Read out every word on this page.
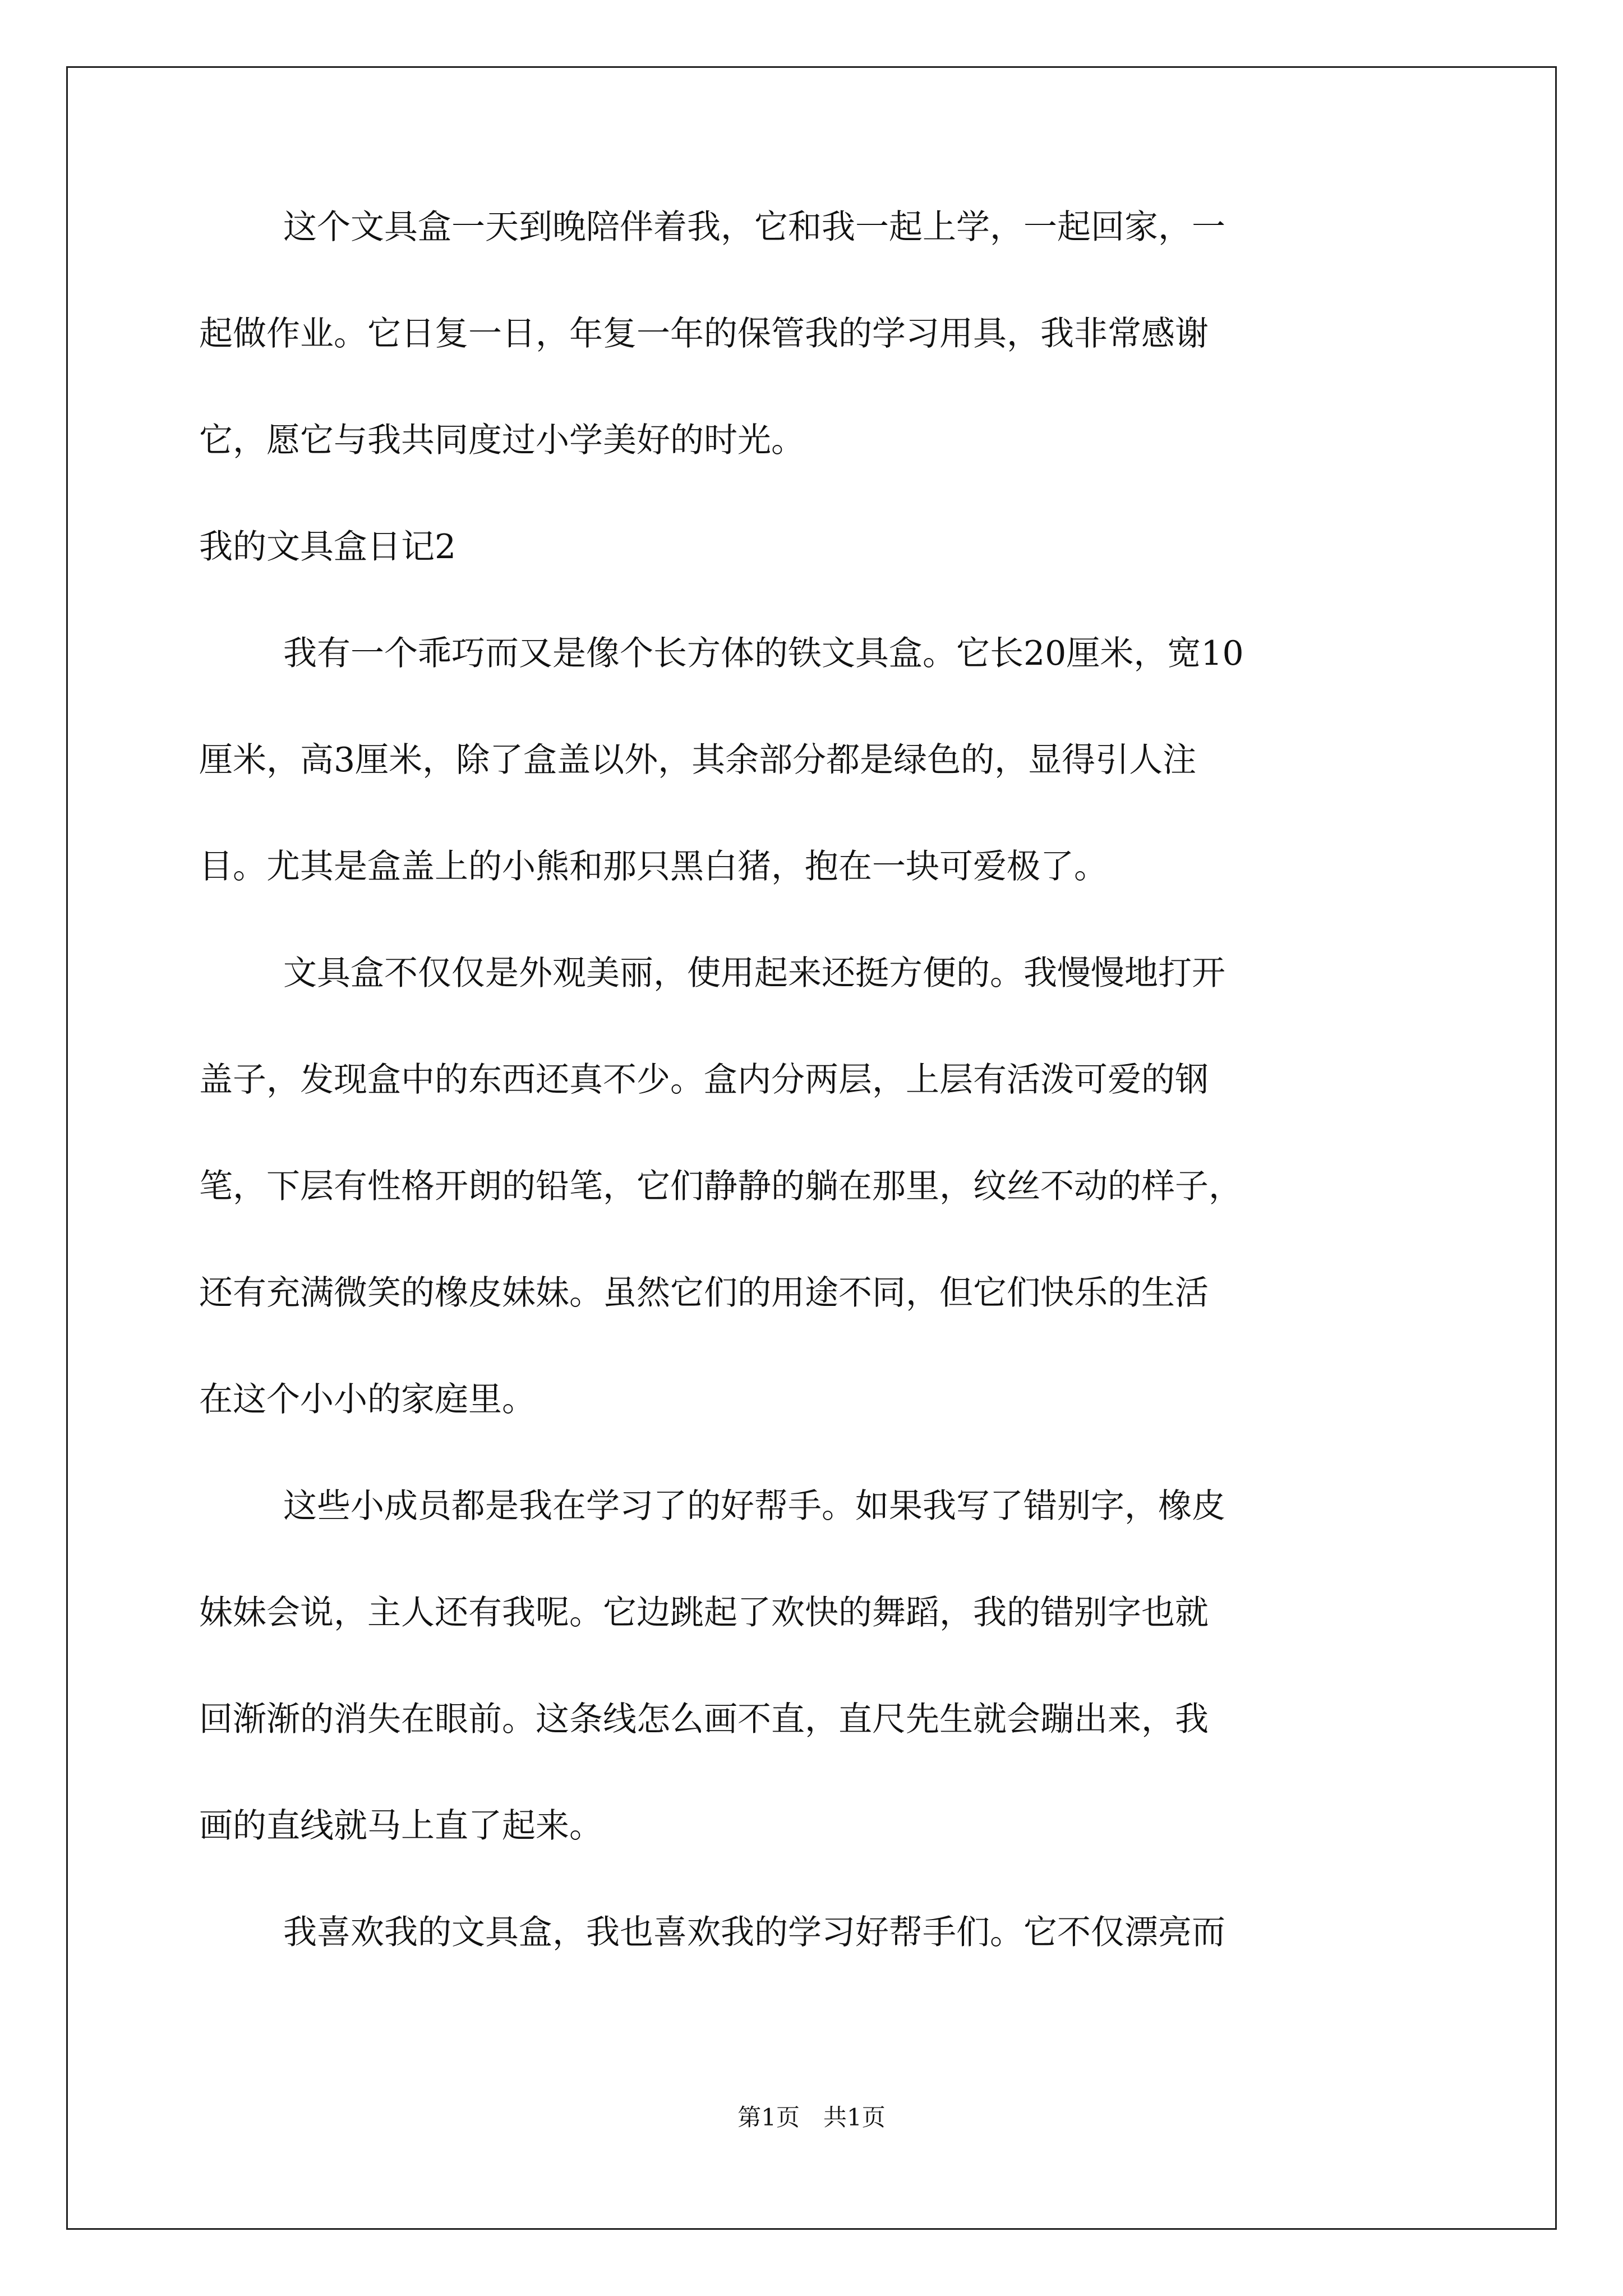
这个文具盒一天到晚陪伴着我，它和我一起上学，一起回家，一
起做作业。它日复一日，年复一年的保管我的学习用具，我非常感谢
它，愿它与我共同度过小学美好的时光。
我的文具盒日记2
我有一个乖巧而又是像个长方体的铁文具盒。它长20厘米，宽10
厘米，高3厘米，除了盒盖以外，其余部分都是绿色的，显得引人注
目。尤其是盒盖上的小熊和那只黑白猪，抱在一块可爱极了。
文具盒不仅仅是外观美丽，使用起来还挺方便的。我慢慢地打开
盖子，发现盒中的东西还真不少。盒内分两层，上层有活泼可爱的钢
笔，下层有性格开朗的铅笔，它们静静的躺在那里，纹丝不动的样子，
还有充满微笑的橡皮妹妹。虽然它们的用途不同，但它们快乐的生活
在这个小小的家庭里。
这些小成员都是我在学习了的好帮手。如果我写了错别字，橡皮
妹妹会说，主人还有我呢。它边跳起了欢快的舞蹈，我的错别字也就
回渐渐的消失在眼前。这条线怎么画不直，直尺先生就会蹦出来，我
画的直线就马上直了起来。
我喜欢我的文具盒，我也喜欢我的学习好帮手们。它不仅漂亮而
第1页　共1页
